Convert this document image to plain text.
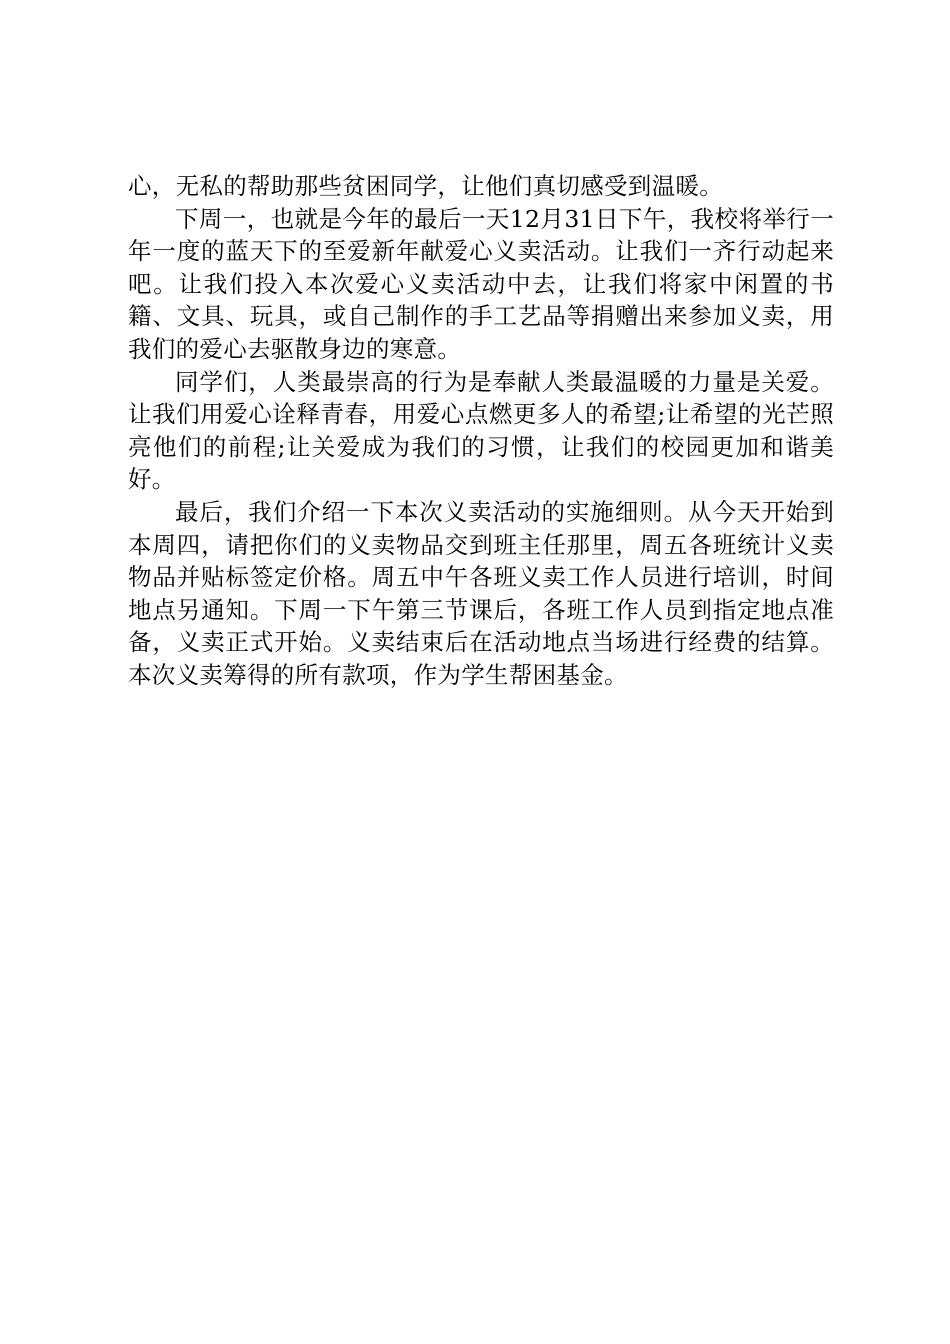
心，无私的帮助那些贫困同学，让他们真切感受到温暖。

下周一，也就是今年的最后一天12月31日下午，我校将举行一年一度的蓝天下的至爱新年献爱心义卖活动。让我们一齐行动起来吧。让我们投入本次爱心义卖活动中去，让我们将家中闲置的书籍、文具、玩具，或自己制作的手工艺品等捐赠出来参加义卖，用我们的爱心去驱散身边的寒意。

同学们，人类最崇高的行为是奉献人类最温暖的力量是关爱。让我们用爱心诠释青春，用爱心点燃更多人的希望;让希望的光芒照亮他们的前程;让关爱成为我们的习惯，让我们的校园更加和谐美好。

最后，我们介绍一下本次义卖活动的实施细则。从今天开始到本周四，请把你们的义卖物品交到班主任那里，周五各班统计义卖物品并贴标签定价格。周五中午各班义卖工作人员进行培训，时间地点另通知。下周一下午第三节课后，各班工作人员到指定地点准备，义卖正式开始。义卖结束后在活动地点当场进行经费的结算。本次义卖筹得的所有款项，作为学生帮困基金。
